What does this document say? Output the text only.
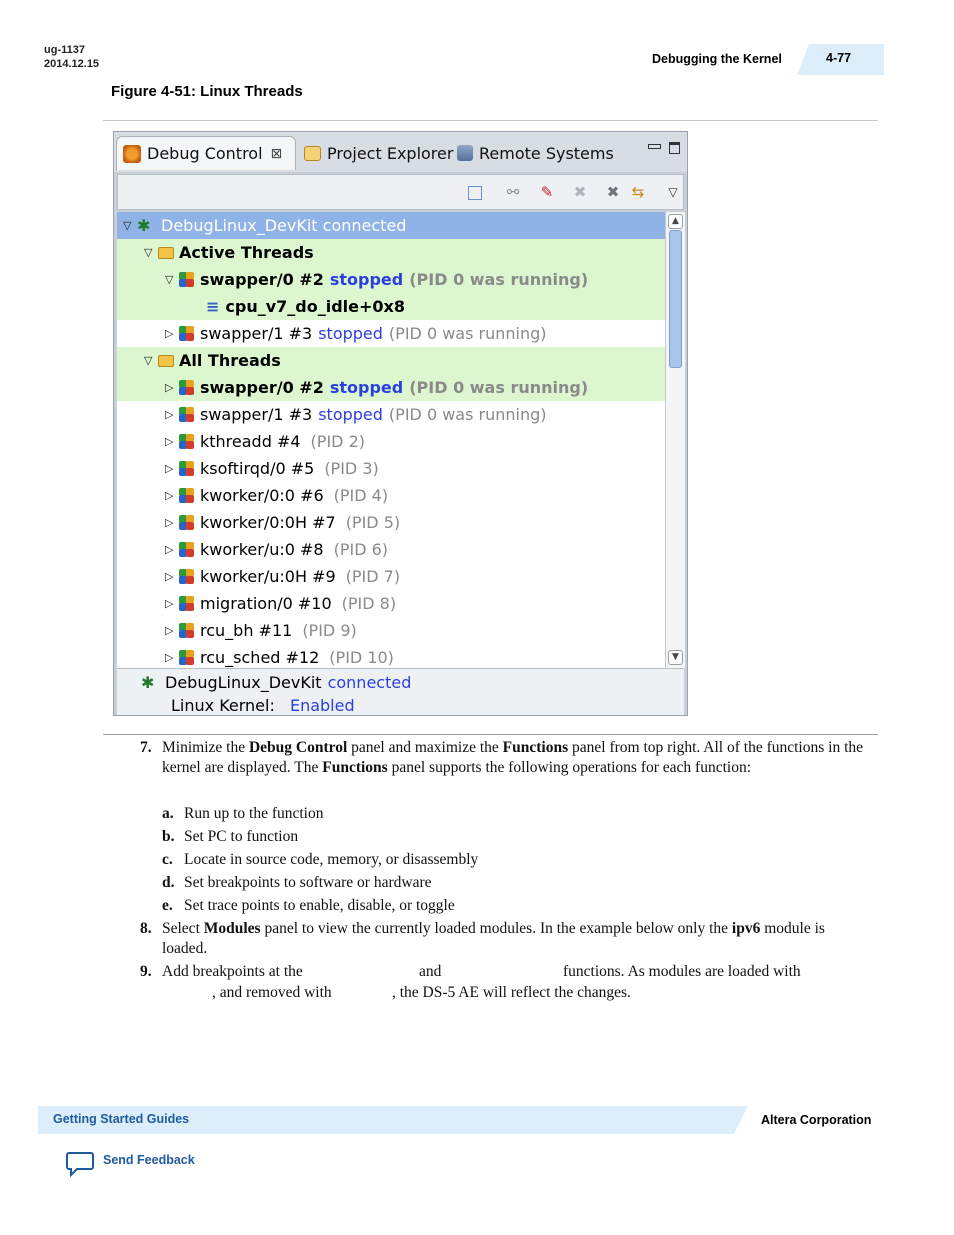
ug-1137
2014.12.15	Debugging the Kernel	4-77
Figure 4-51: Linux Threads
Debug Control ⊠	Project Explorer Remote Systems
⚯ ✎ ✖ ✖ ⇆	▽
▽ ✱ DebugLinux_DevKit connected
▽	Active Threads
▽	swapper/0 #2 stopped (PID 0 was running)
≡ cpu_v7_do_idle+0x8
▷	swapper/1 #3 stopped (PID 0 was running)
▽	All Threads
▷	swapper/0 #2 stopped (PID 0 was running)
▷	swapper/1 #3 stopped (PID 0 was running)
▷	kthreadd #4 (PID 2)
▷	ksoftirqd/0 #5 (PID 3)
▷	kworker/0:0 #6 (PID 4)
▷	kworker/0:0H #7 (PID 5)
▷	kworker/u:0 #8 (PID 6)
▷	kworker/u:0H #9 (PID 7)
▷	migration/0 #10 (PID 8)
▷	rcu_bh #11 (PID 9)
▷	rcu_sched #12 (PID 10)
▲
▼
✱ DebugLinux_DevKit connected
Linux Kernel: Enabled
7. Minimize the Debug Control panel and maximize the Functions panel from top right. All of the functions in the kernel are displayed. The Functions panel supports the following operations for each function:
a. Run up to the function
b. Set PC to function
c. Locate in source code, memory, or disassembly
d. Set breakpoints to software or hardware
e. Set trace points to enable, disable, or toggle
8. Select Modules panel to view the currently loaded modules. In the example below only the ipv6 module is loaded.
9. Add breakpoints at the	and	functions. As modules are loaded with
, and removed with	, the DS-5 AE will reflect the changes.
Getting Started Guides	Altera Corporation
Send Feedback
